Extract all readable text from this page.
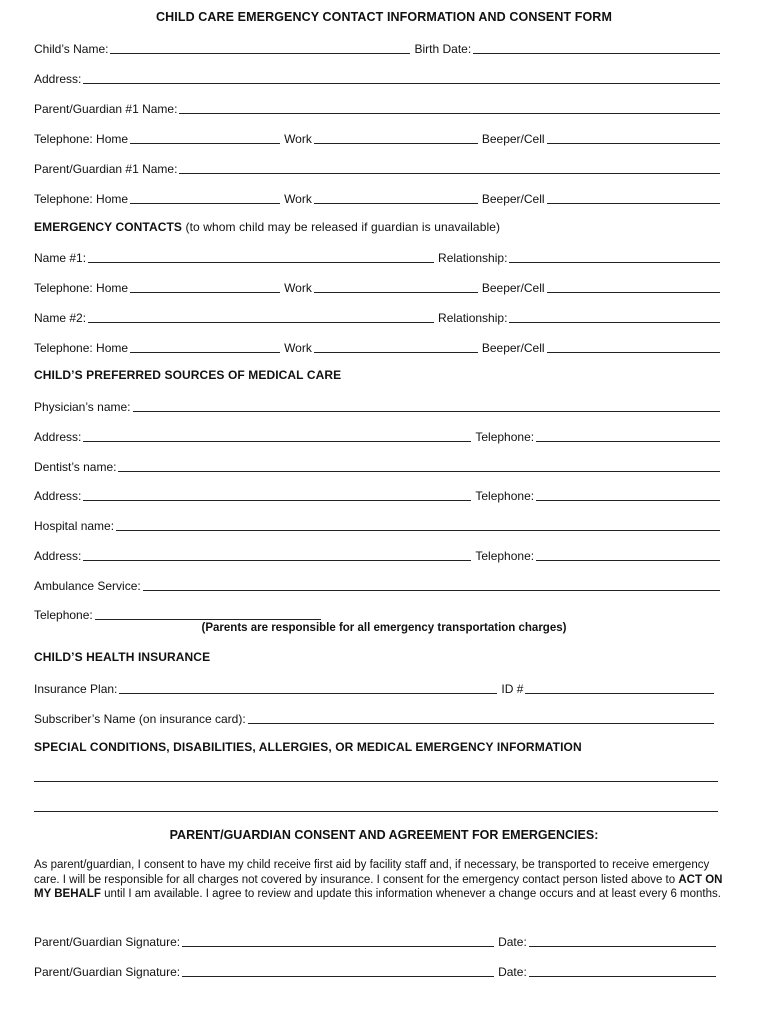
CHILD CARE EMERGENCY CONTACT INFORMATION AND CONSENT FORM
Child’s Name:	Birth Date:
Address:
Parent/Guardian #1 Name:
Telephone: Home	Work	Beeper/Cell
Parent/Guardian #1 Name:
Telephone: Home	Work	Beeper/Cell
EMERGENCY CONTACTS (to whom child may be released if guardian is unavailable)
Name #1:	Relationship:
Telephone: Home	Work	Beeper/Cell
Name #2:	Relationship:
Telephone: Home	Work	Beeper/Cell
CHILD’S PREFERRED SOURCES OF MEDICAL CARE
Physician’s name:
Address:	Telephone:
Dentist’s name:
Address:	Telephone:
Hospital name:
Address:	Telephone:
Ambulance Service:
Telephone:
(Parents are responsible for all emergency transportation charges)
CHILD’S HEALTH INSURANCE
Insurance Plan:	ID #
Subscriber’s Name (on insurance card):
SPECIAL CONDITIONS, DISABILITIES, ALLERGIES, OR MEDICAL EMERGENCY INFORMATION
PARENT/GUARDIAN CONSENT AND AGREEMENT FOR EMERGENCIES:
As parent/guardian, I consent to have my child receive first aid by facility staff and, if necessary, be transported to receive emergency care. I will be responsible for all charges not covered by insurance. I consent for the emergency contact person listed above to ACT ON MY BEHALF until I am available. I agree to review and update this information whenever a change occurs and at least every 6 months.
Parent/Guardian Signature:	Date:
Parent/Guardian Signature:	Date:
